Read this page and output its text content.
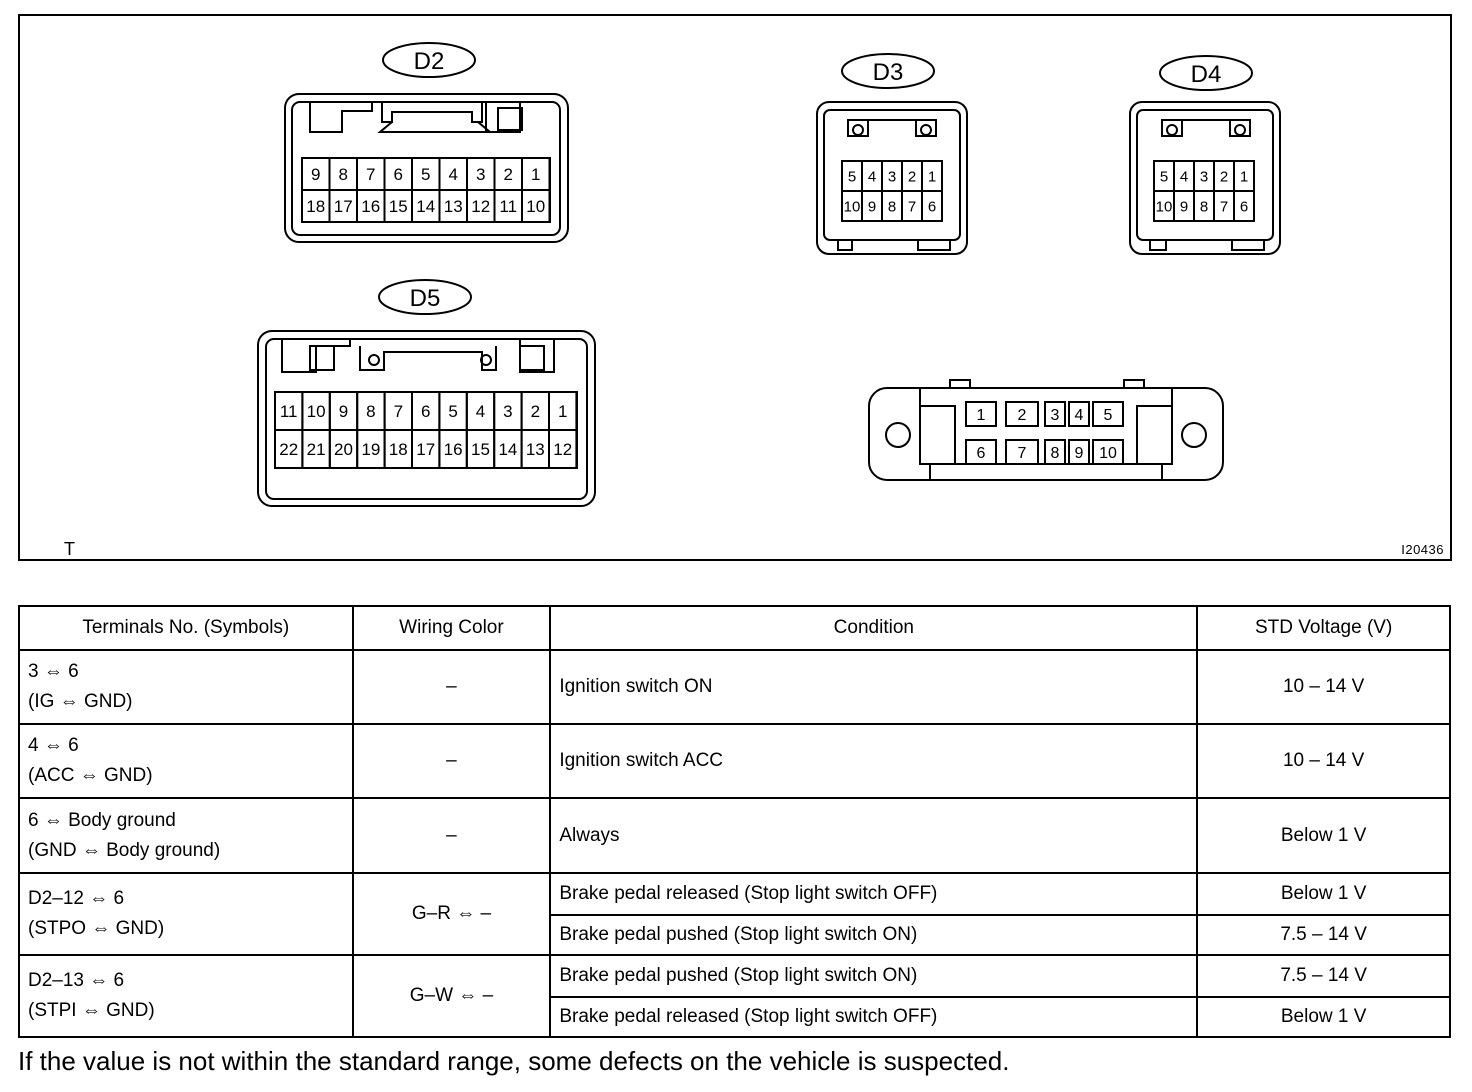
D2	D3	D4
D5
9 8 7 6 5 4 3 2 1
18 17 16 15 14 13 12 11 10
5 4 3 2 1
10 9 8 7 6
5 4 3 2 1
10 9 8 7 6
11 10 9 8 7 6 5 4 3 2 1
22 21 20 19 18 17 16 15 14 13 12
1 2 3 4 5
6 7 8 9 10
T	I20436
Terminals No. (Symbols)	Wiring Color	Condition	STD Voltage (V)
3 ⇔ 6
(IG ⇔ GND)	–	Ignition switch ON	10 – 14 V
4 ⇔ 6
(ACC ⇔ GND)	–	Ignition switch ACC	10 – 14 V
6 ⇔ Body ground
(GND ⇔ Body ground)	–	Always	Below 1 V
D2–12 ⇔ 6
(STPO ⇔ GND)	G–R ⇔ –	Brake pedal released (Stop light switch OFF)	Below 1 V
		Brake pedal pushed (Stop light switch ON)	7.5 – 14 V
D2–13 ⇔ 6
(STPI ⇔ GND)	G–W ⇔ –	Brake pedal pushed (Stop light switch ON)	7.5 – 14 V
		Brake pedal released (Stop light switch OFF)	Below 1 V
If the value is not within the standard range, some defects on the vehicle is suspected.
